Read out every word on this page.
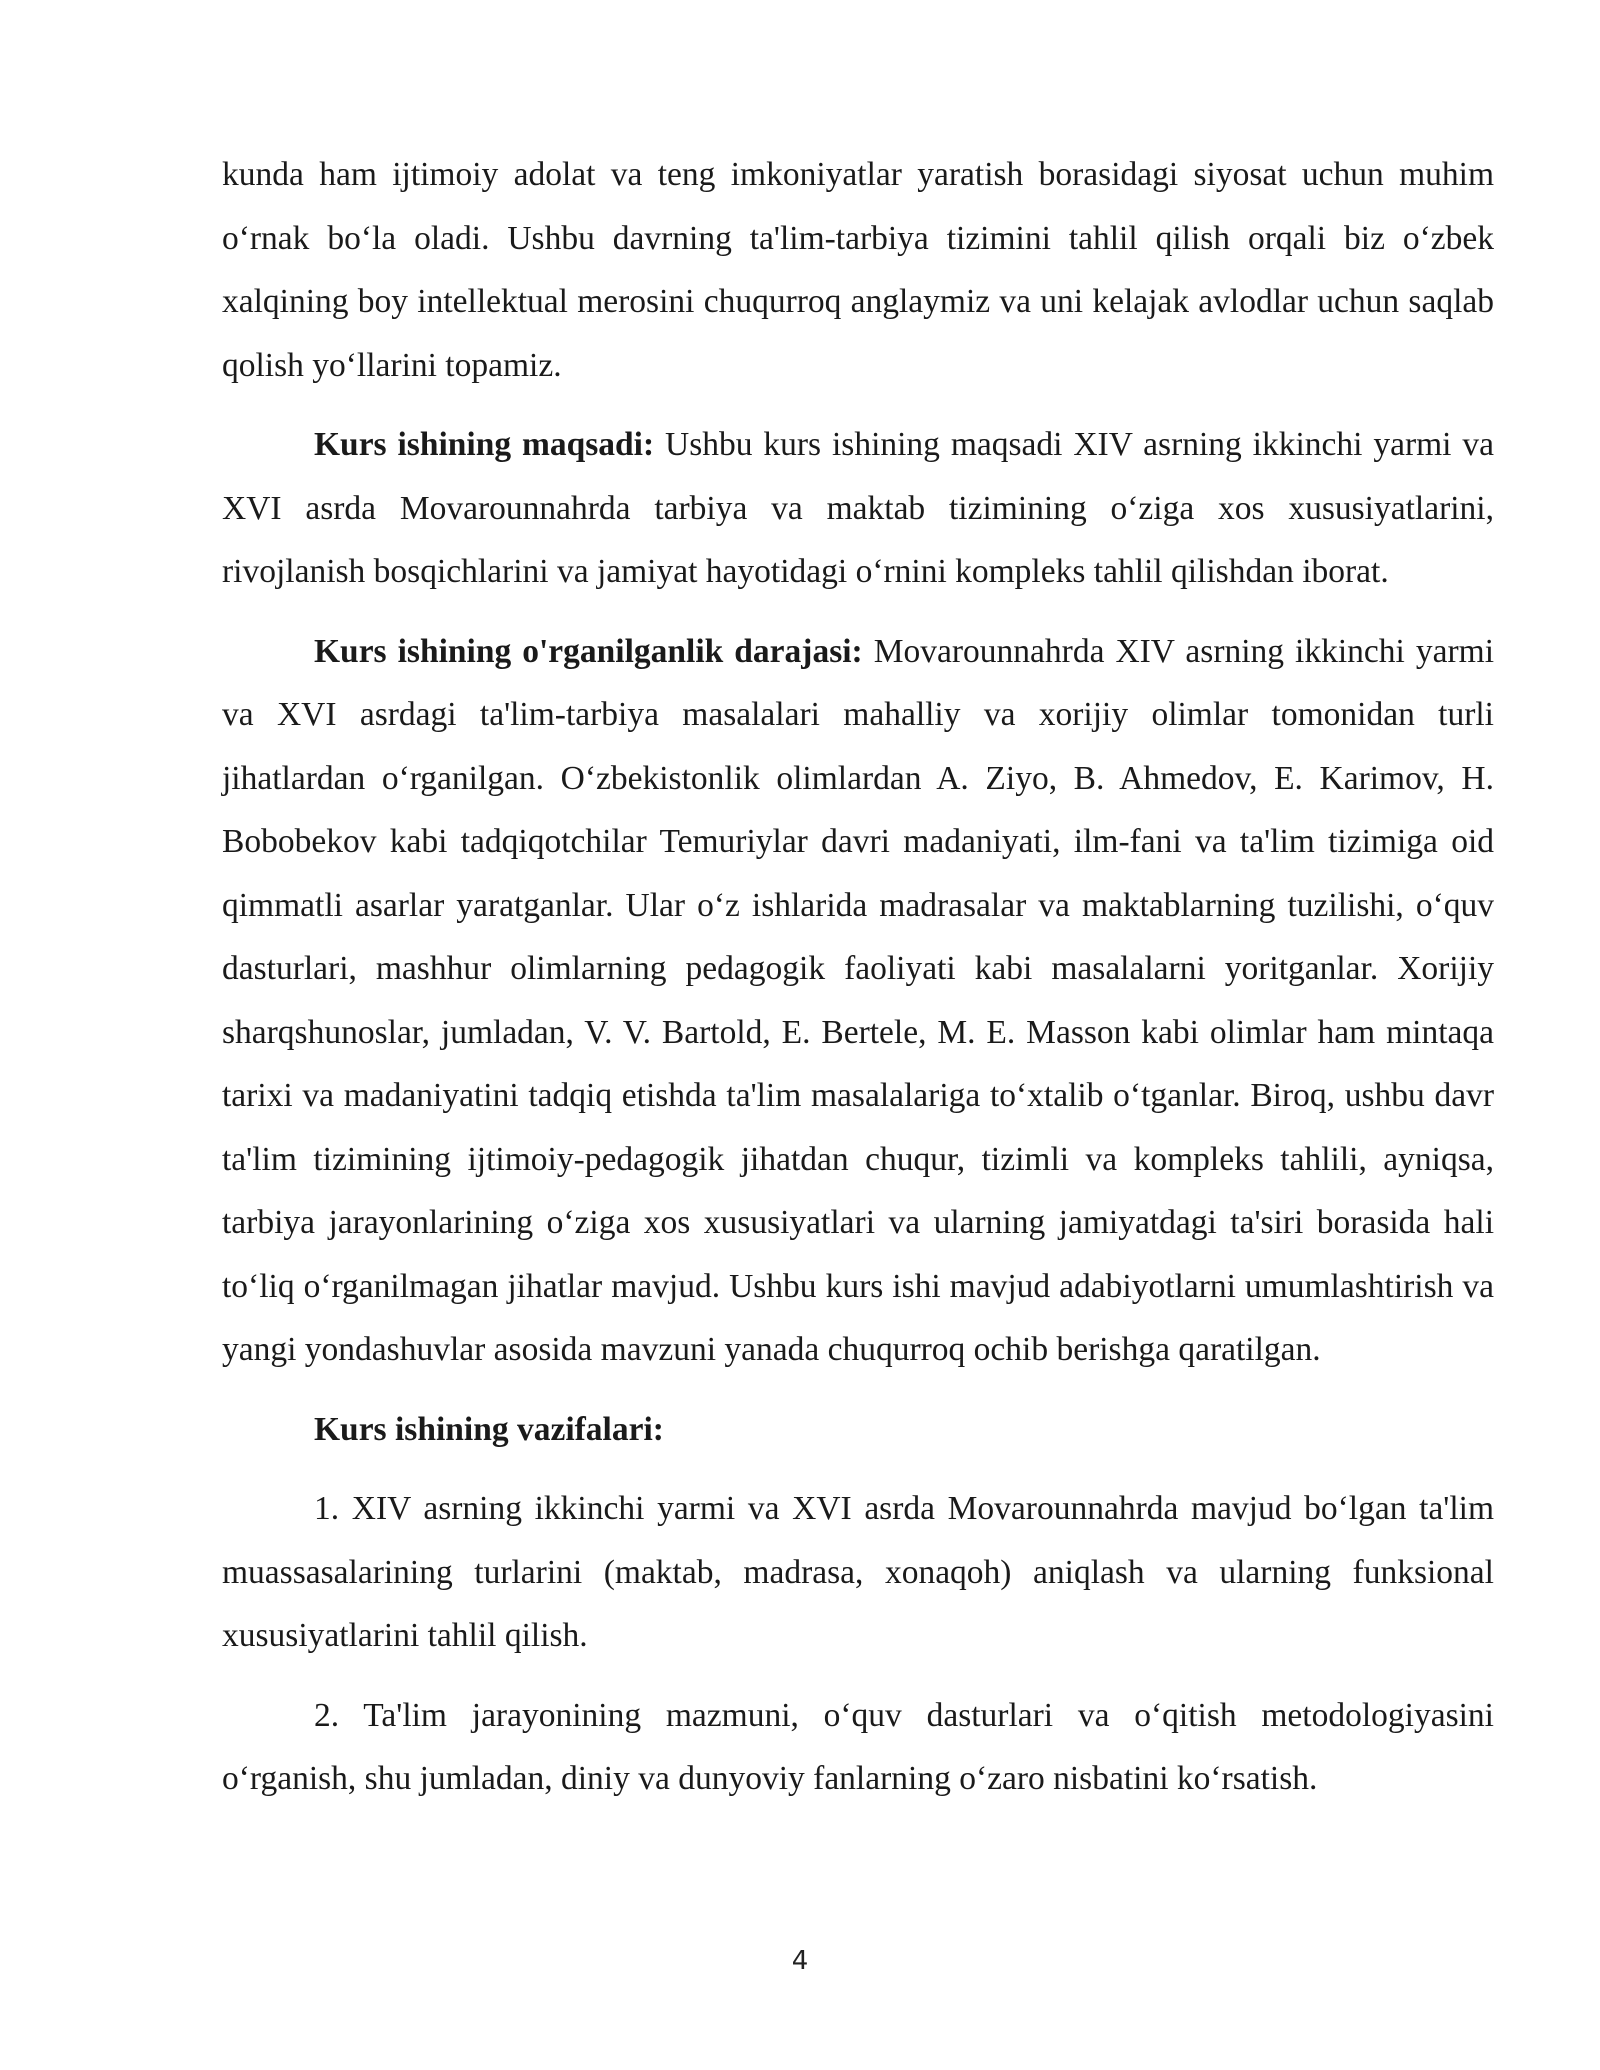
kunda ham ijtimoiy adolat va teng imkoniyatlar yaratish borasidagi siyosat uchun muhim o‘rnak bo‘la oladi. Ushbu davrning ta'lim-tarbiya tizimini tahlil qilish orqali biz o‘zbek xalqining boy intellektual merosini chuqurroq anglaymiz va uni kelajak avlodlar uchun saqlab qolish yo‘llarini topamiz.

Kurs ishining maqsadi: Ushbu kurs ishining maqsadi XIV asrning ikkinchi yarmi va XVI asrda Movarounnahrda tarbiya va maktab tizimining o‘ziga xos xususiyatlarini, rivojlanish bosqichlarini va jamiyat hayotidagi o‘rnini kompleks tahlil qilishdan iborat.

Kurs ishining o'rganilganlik darajasi: Movarounnahrda XIV asrning ikkinchi yarmi va XVI asrdagi ta'lim-tarbiya masalalari mahalliy va xorijiy olimlar tomonidan turli jihatlardan o‘rganilgan. O‘zbekistonlik olimlardan A. Ziyo, B. Ahmedov, E. Karimov, H. Bobobekov kabi tadqiqotchilar Temuriylar davri madaniyati, ilm-fani va ta'lim tizimiga oid qimmatli asarlar yaratganlar. Ular o‘z ishlarida madrasalar va maktablarning tuzilishi, o‘quv dasturlari, mashhur olimlarning pedagogik faoliyati kabi masalalarni yoritganlar. Xorijiy sharqshunoslar, jumladan, V. V. Bartold, E. Bertele, M. E. Masson kabi olimlar ham mintaqa tarixi va madaniyatini tadqiq etishda ta'lim masalalariga to‘xtalib o‘tganlar. Biroq, ushbu davr ta'lim tizimining ijtimoiy-pedagogik jihatdan chuqur, tizimli va kompleks tahlili, ayniqsa, tarbiya jarayonlarining o‘ziga xos xususiyatlari va ularning jamiyatdagi ta'siri borasida hali to‘liq o‘rganilmagan jihatlar mavjud. Ushbu kurs ishi mavjud adabiyotlarni umumlashtirish va yangi yondashuvlar asosida mavzuni yanada chuqurroq ochib berishga qaratilgan.

Kurs ishining vazifalari:

1. XIV asrning ikkinchi yarmi va XVI asrda Movarounnahrda mavjud bo‘lgan ta'lim muassasalarining turlarini (maktab, madrasa, xonaqoh) aniqlash va ularning funksional xususiyatlarini tahlil qilish.

2. Ta'lim jarayonining mazmuni, o‘quv dasturlari va o‘qitish metodologiyasini o‘rganish, shu jumladan, diniy va dunyoviy fanlarning o‘zaro nisbatini ko‘rsatish.

4
